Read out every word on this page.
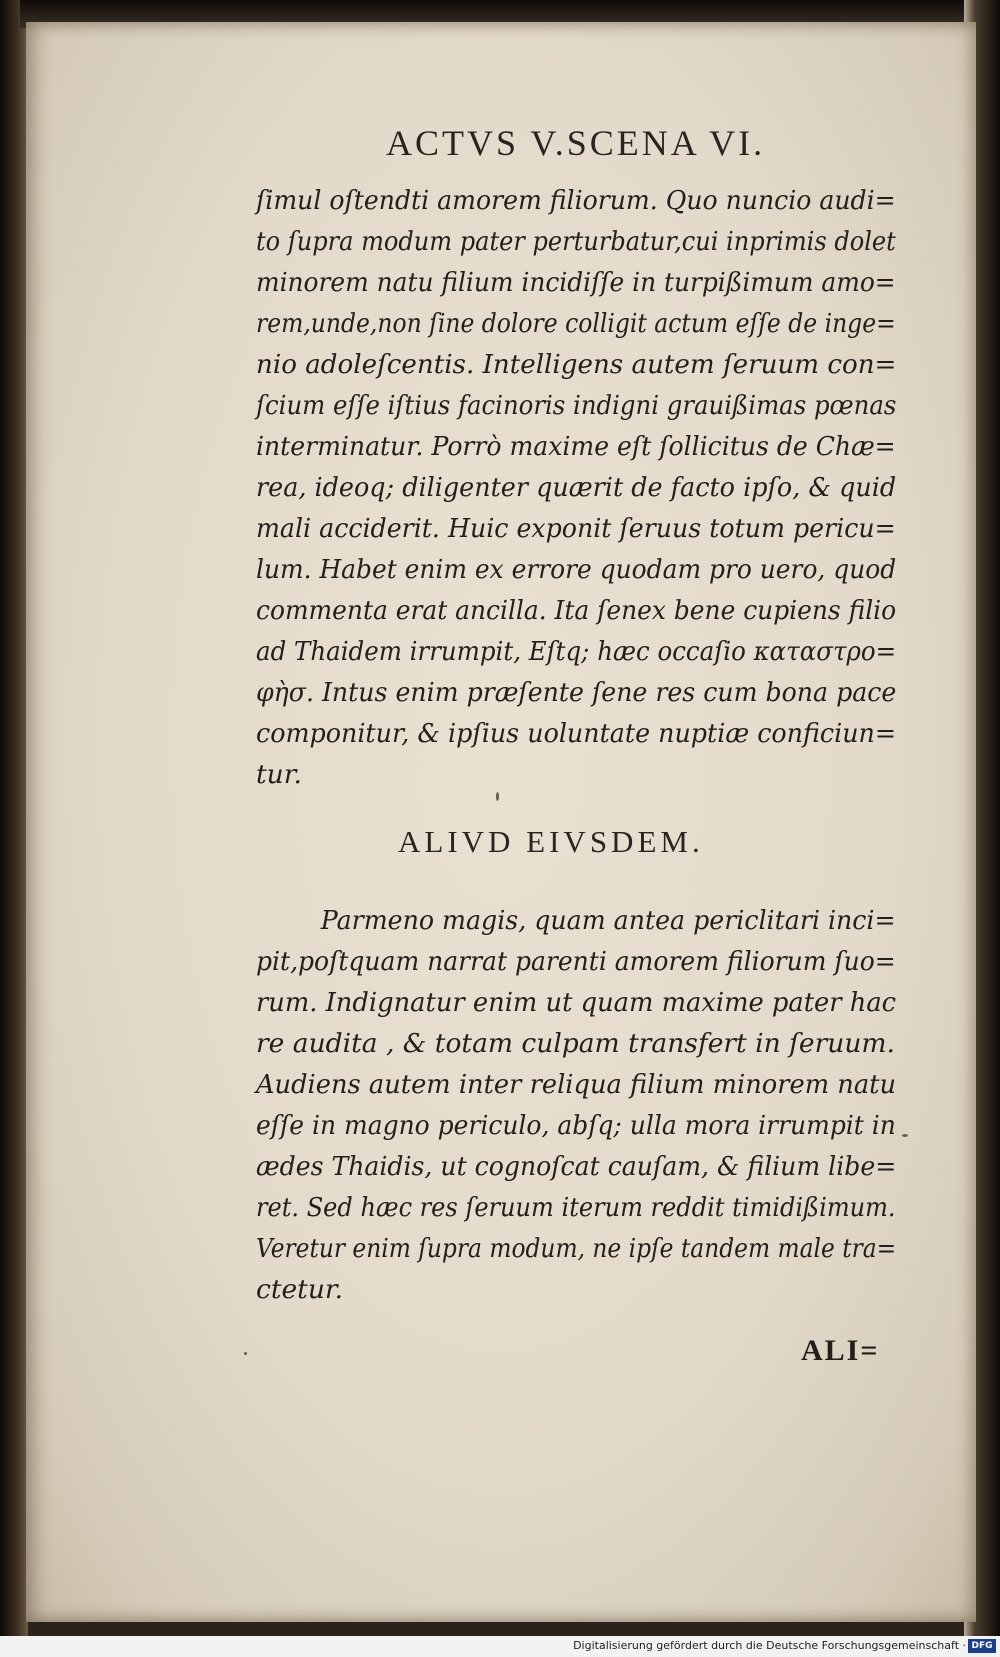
ACTVS V.SCENA VI.
ſimul oſtendti amorem filiorum. Quo nuncio audi=
to ſupra modum pater perturbatur,cui inprimis dolet
minorem natu filium incidiſſe in turpißimum amo=
rem,unde,non ſine dolore colligit actum eſſe de inge=
nio adoleſcentis. Intelligens autem ſeruum con=
ſcium eſſe iſtius facinoris indigni grauißimas pœnas
interminatur. Porrò maxime eſt ſollicitus de Chæ=
rea, ideoq; diligenter quærit de facto ipſo, & quid
mali acciderit. Huic exponit ſeruus totum pericu=
lum. Habet enim ex errore quodam pro uero, quod
commenta erat ancilla. Ita ſenex bene cupiens filio
ad Thaidem irrumpit, Eſtq; hæc occaſio καταστρο=
φὴσ. Intus enim præſente ſene res cum bona pace
componitur, & ipſius uoluntate nuptiæ conficiun=
tur.
ALIVD EIVSDEM.
Parmeno magis, quam antea periclitari inci=
pit,poſtquam narrat parenti amorem filiorum ſuo=
rum. Indignatur enim ut quam maxime pater hac
re audita , & totam culpam transfert in ſeruum.
Audiens autem inter reliqua filium minorem natu
eſſe in magno periculo, abſq; ulla mora irrumpit in
ædes Thaidis, ut cognoſcat cauſam, & filium libe=
ret. Sed hæc res ſeruum iterum reddit timidißimum.
Veretur enim ſupra modum, ne ipſe tandem male tra=
ctetur.
ALI=
Digitalisierung gefördert durch die Deutsche Forschungsgemeinschaft · DFG
